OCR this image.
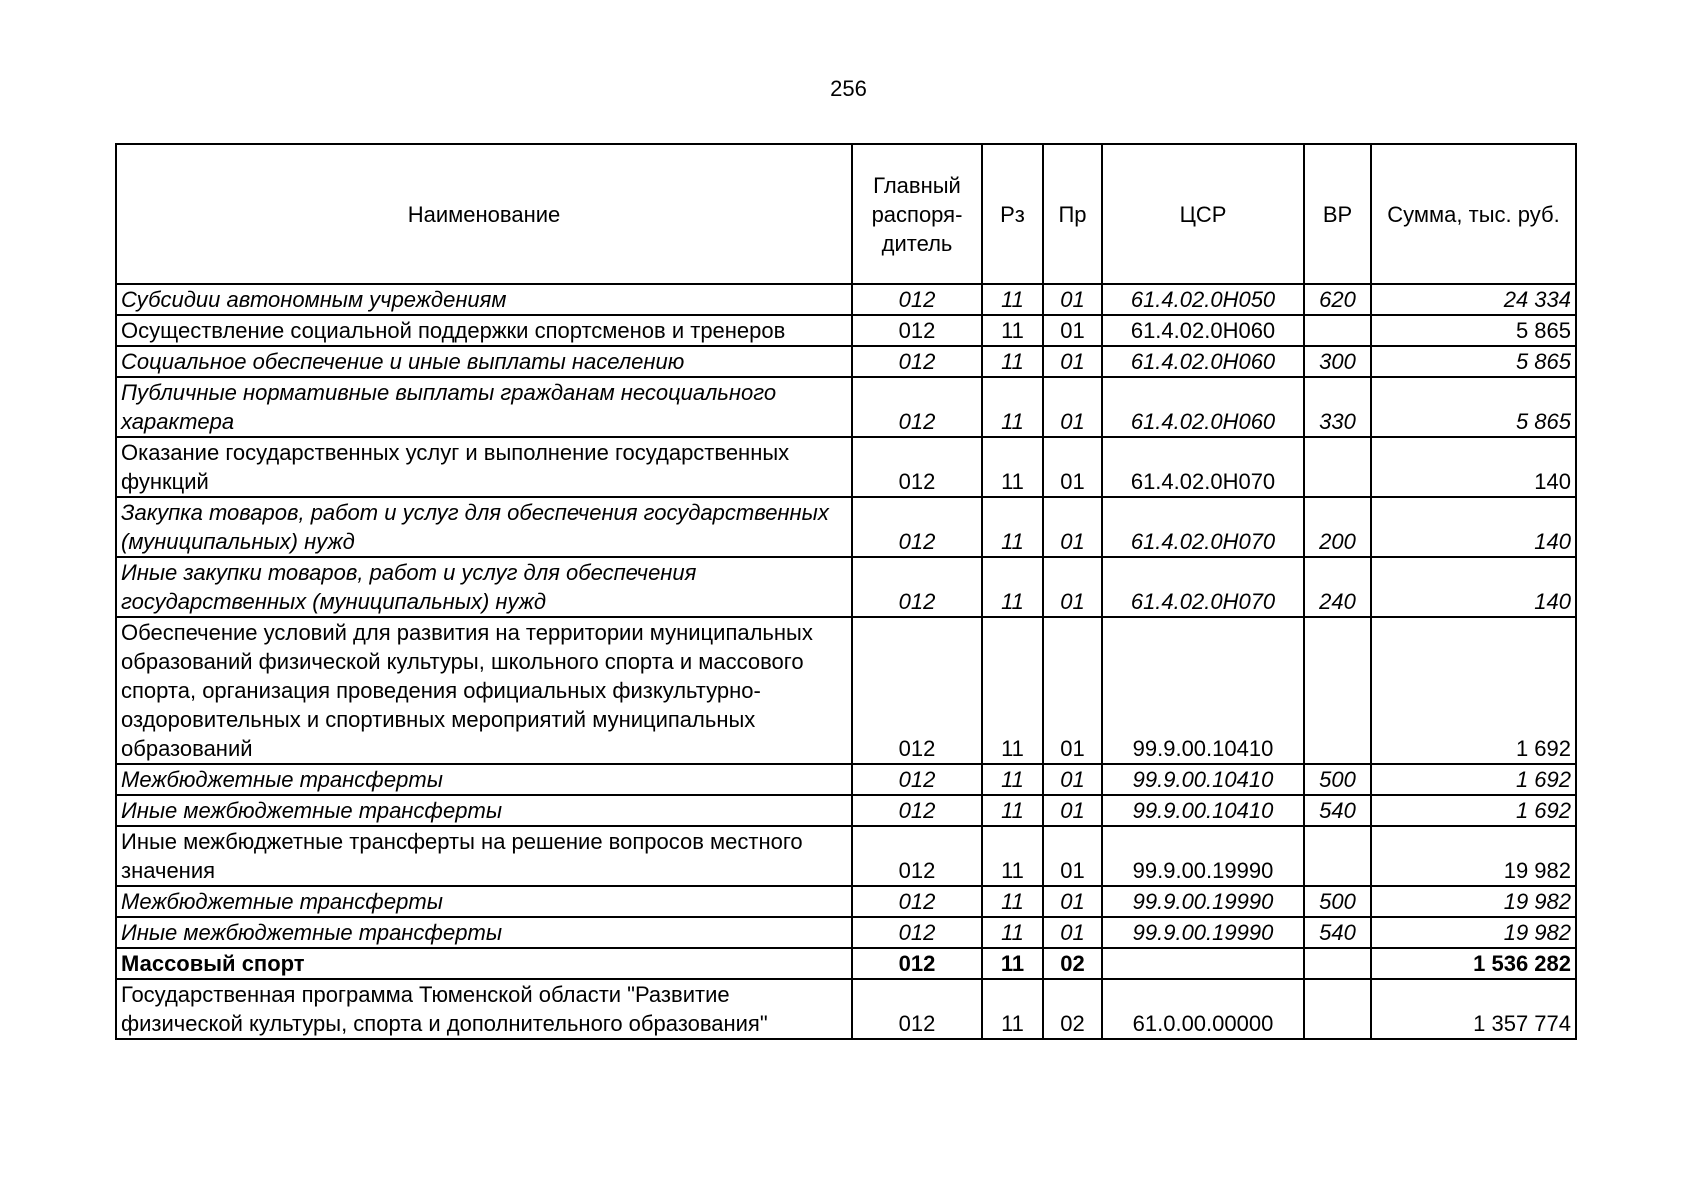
256
Наименование	Главный распоря-дитель	Рз	Пр	ЦСР	ВР	Сумма, тыс. руб.
Субсидии автономным учреждениям	012	11	01	61.4.02.0Н050	620	24 334
Осуществление социальной поддержки спортсменов и тренеров	012	11	01	61.4.02.0Н060		5 865
Социальное обеспечение и иные выплаты населению	012	11	01	61.4.02.0Н060	300	5 865
Публичные нормативные выплаты гражданам несоциального характера	012	11	01	61.4.02.0Н060	330	5 865
Оказание государственных услуг и выполнение государственных функций	012	11	01	61.4.02.0Н070		140
Закупка товаров, работ и услуг для обеспечения государственных (муниципальных) нужд	012	11	01	61.4.02.0Н070	200	140
Иные закупки товаров, работ и услуг для обеспечения государственных (муниципальных) нужд	012	11	01	61.4.02.0Н070	240	140
Обеспечение условий для развития на территории муниципальных образований физической культуры, школьного спорта и массового спорта, организация проведения официальных физкультурно-оздоровительных и спортивных мероприятий муниципальных образований	012	11	01	99.9.00.10410		1 692
Межбюджетные трансферты	012	11	01	99.9.00.10410	500	1 692
Иные межбюджетные трансферты	012	11	01	99.9.00.10410	540	1 692
Иные межбюджетные трансферты на решение вопросов местного значения	012	11	01	99.9.00.19990		19 982
Межбюджетные трансферты	012	11	01	99.9.00.19990	500	19 982
Иные межбюджетные трансферты	012	11	01	99.9.00.19990	540	19 982
Массовый спорт	012	11	02			1 536 282
Государственная программа Тюменской области "Развитие физической культуры, спорта и дополнительного образования"	012	11	02	61.0.00.00000		1 357 774
